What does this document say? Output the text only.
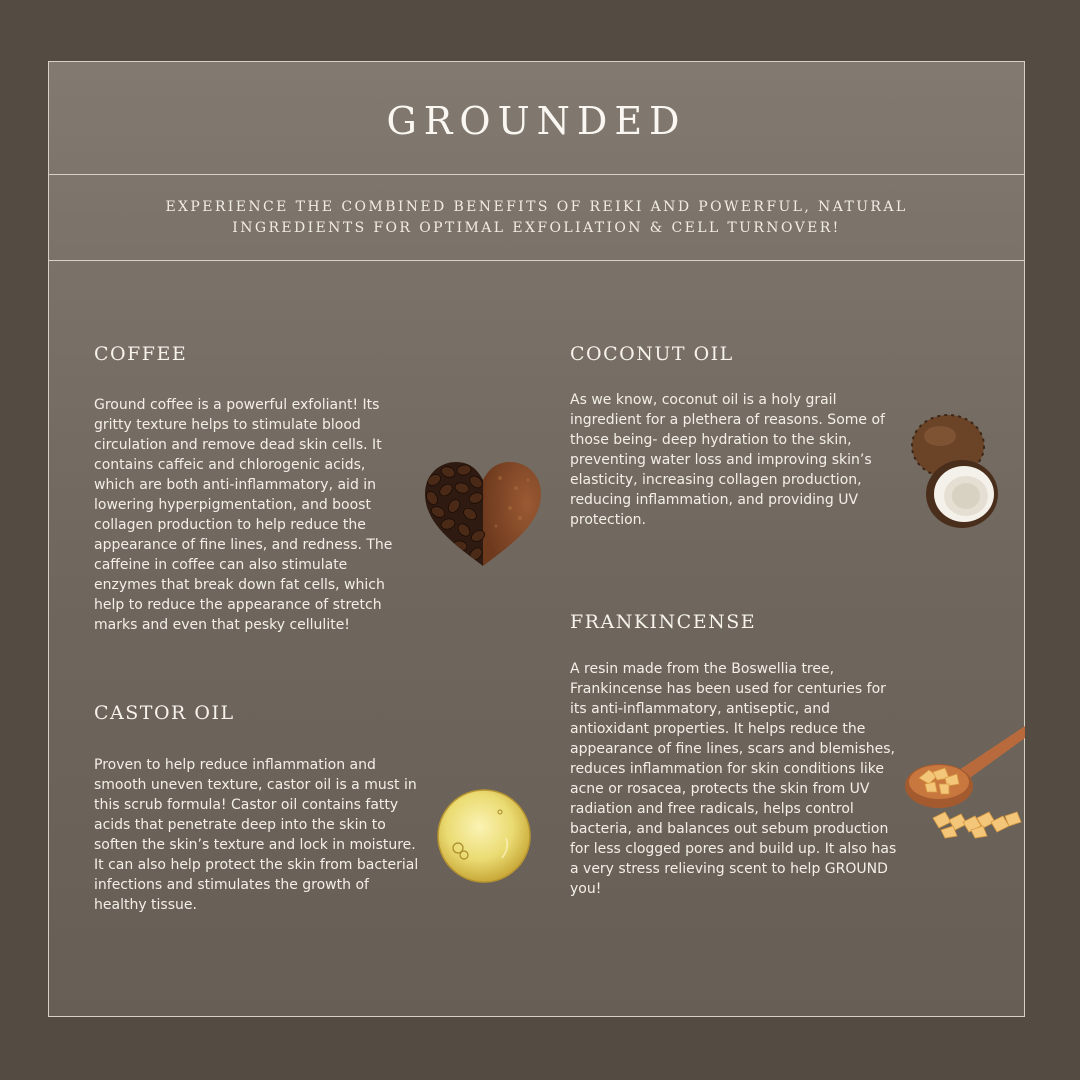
GROUNDED

EXPERIENCE THE COMBINED BENEFITS OF REIKI AND POWERFUL, NATURAL INGREDIENTS FOR OPTIMAL EXFOLIATION & CELL TURNOVER!

COFFEE

Ground coffee is a powerful exfoliant! Its gritty texture helps to stimulate blood circulation and remove dead skin cells. It contains caffeic and chlorogenic acids, which are both anti-inflammatory, aid in lowering hyperpigmentation, and boost collagen production to help reduce the appearance of fine lines, and redness. The caffeine in coffee can also stimulate enzymes that break down fat cells, which help to reduce the appearance of stretch marks and even that pesky cellulite!

COCONUT OIL

As we know, coconut oil is a holy grail ingredient for a plethera of reasons. Some of those being- deep hydration to the skin, preventing water loss and improving skin’s elasticity, increasing collagen production, reducing inflammation, and providing UV protection.

CASTOR OIL

Proven to help reduce inflammation and smooth uneven texture, castor oil is a must in this scrub formula! Castor oil contains fatty acids that penetrate deep into the skin to soften the skin’s texture and lock in moisture. It can also help protect the skin from bacterial infections and stimulates the growth of healthy tissue.

FRANKINCENSE

A resin made from the Boswellia tree, Frankincense has been used for centuries for its anti-inflammatory, antiseptic, and antioxidant properties. It helps reduce the appearance of fine lines, scars and blemishes, reduces inflammation for skin conditions like acne or rosacea, protects the skin from UV radiation and free radicals, helps control bacteria, and balances out sebum production for less clogged pores and build up. It also has a very stress relieving scent to help GROUND you!
